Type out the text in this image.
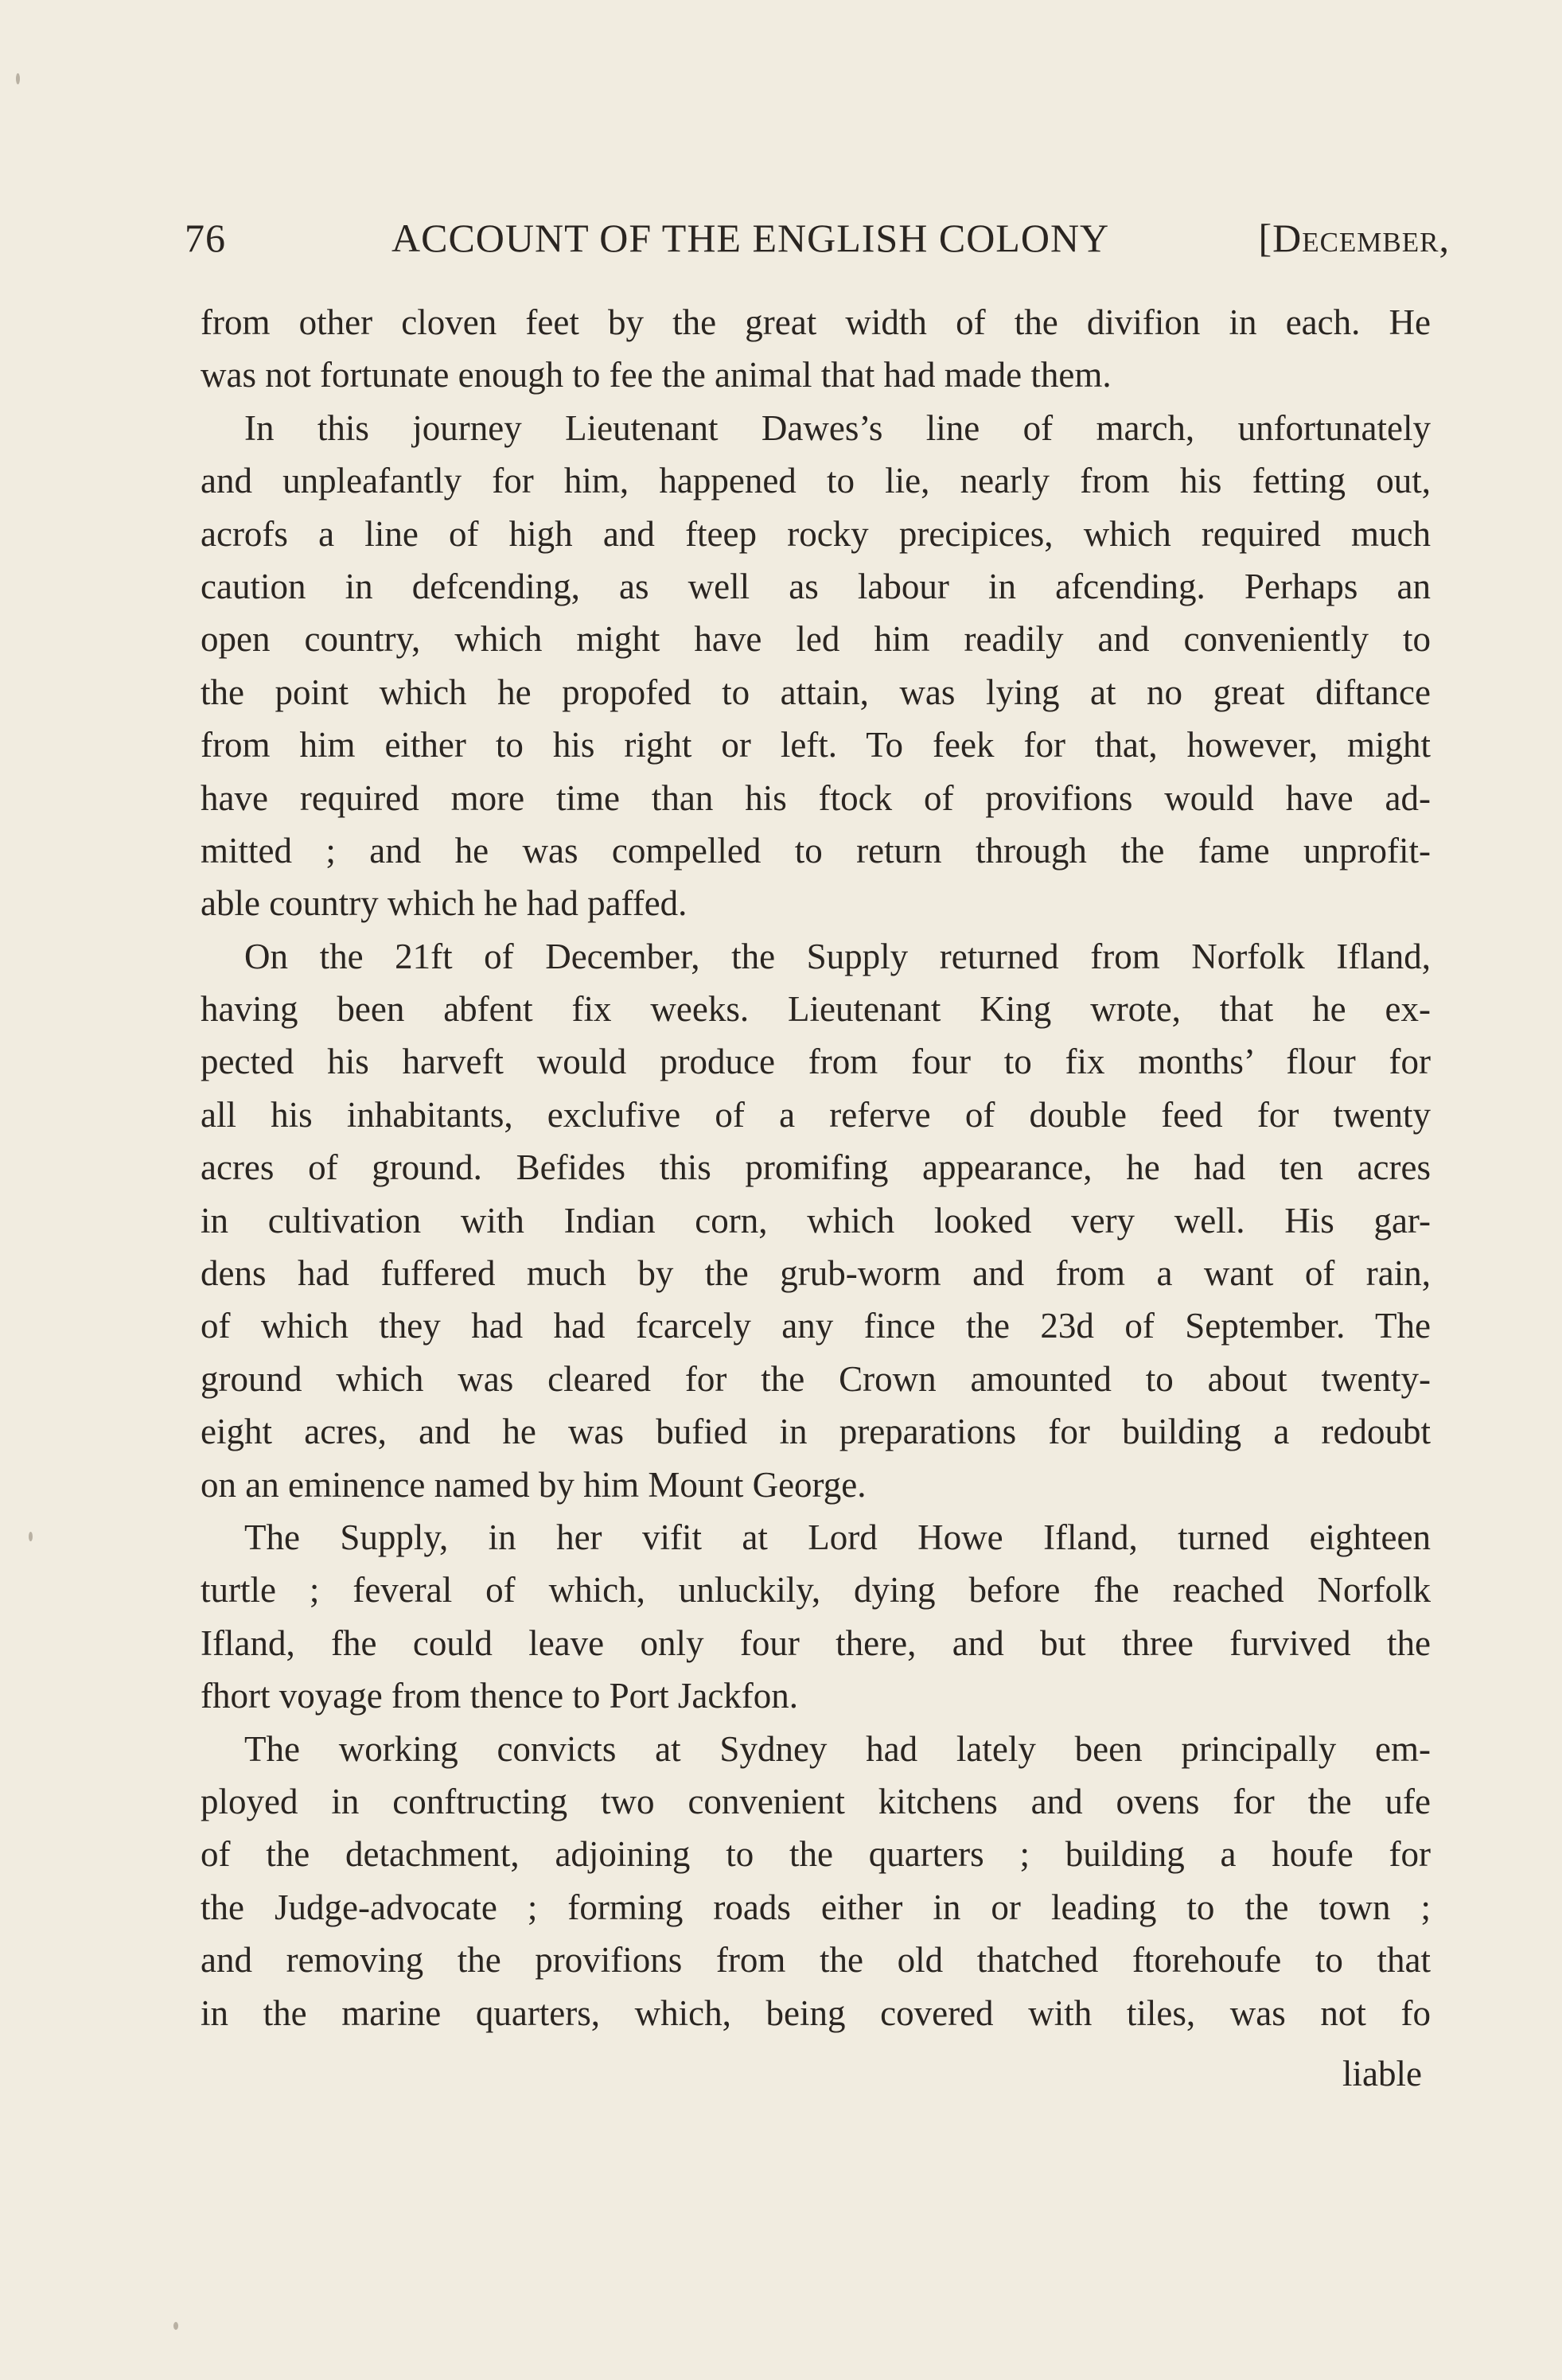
76	ACCOUNT OF THE ENGLISH COLONY	[December,
from other cloven feet by the great width of the divifion in each. He
was not fortunate enough to fee the animal that had made them.
In this journey Lieutenant Dawes’s line of march, unfortunately
and unpleafantly for him, happened to lie, nearly from his fetting out,
acrofs a line of high and fteep rocky precipices, which required much
caution in defcending, as well as labour in afcending. Perhaps an
open country, which might have led him readily and conveniently to
the point which he propofed to attain, was lying at no great diftance
from him either to his right or left. To feek for that, however, might
have required more time than his ftock of provifions would have ad-
mitted ; and he was compelled to return through the fame unprofit-
able country which he had paffed.
On the 21ft of December, the Supply returned from Norfolk Ifland,
having been abfent fix weeks. Lieutenant King wrote, that he ex-
pected his harveft would produce from four to fix months’ flour for
all his inhabitants, exclufive of a referve of double feed for twenty
acres of ground. Befides this promifing appearance, he had ten acres
in cultivation with Indian corn, which looked very well. His gar-
dens had fuffered much by the grub-worm and from a want of rain,
of which they had had fcarcely any fince the 23d of September. The
ground which was cleared for the Crown amounted to about twenty-
eight acres, and he was bufied in preparations for building a redoubt
on an eminence named by him Mount George.
The Supply, in her vifit at Lord Howe Ifland, turned eighteen
turtle ; feveral of which, unluckily, dying before fhe reached Norfolk
Ifland, fhe could leave only four there, and but three furvived the
fhort voyage from thence to Port Jackfon.
The working convicts at Sydney had lately been principally em-
ployed in conftructing two convenient kitchens and ovens for the ufe
of the detachment, adjoining to the quarters ; building a houfe for
the Judge-advocate ; forming roads either in or leading to the town ;
and removing the provifions from the old thatched ftorehoufe to that
in the marine quarters, which, being covered with tiles, was not fo
liable
